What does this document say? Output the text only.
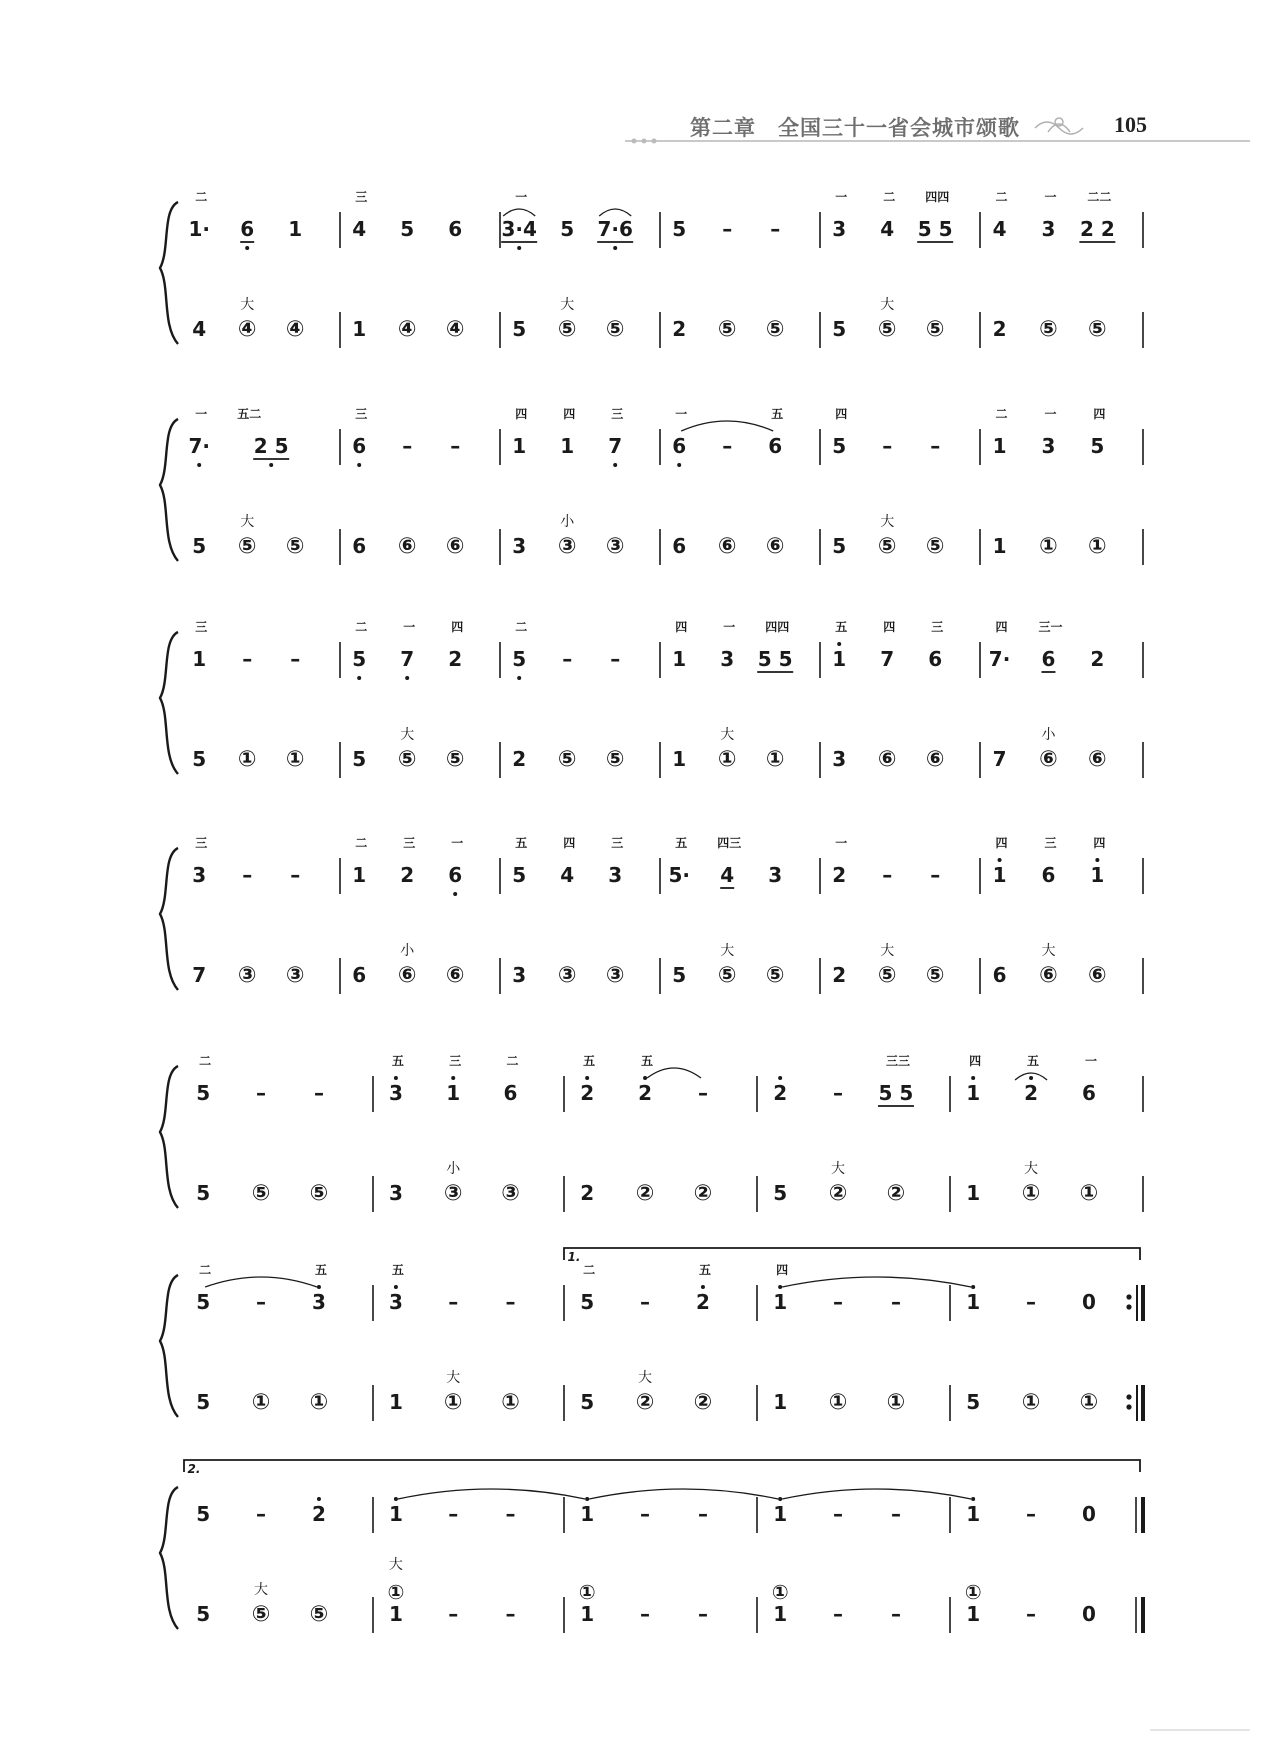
第二章　全国三十一省会城市颂歌	105
二
1· 6 1
4 ④
大
④
三
4 5 6
1 ④ ④
一
3·4 5 7·6
5 ⑤
大
⑤
5 – –
2 ⑤ ⑤
一	二 四四
3 4 5 5
5 ⑤
大
⑤
二	一	二二
4 3 2 2
2 ⑤ ⑤
一 五二
7· 2 5
5 ⑤
大
⑤
三
6 – –
6 ⑥ ⑥
四	四	三
1 1 7
3 ③
小
③
一	五
6 – 6
6 ⑥ ⑥
四
5 – –
5 ⑤
大
⑤
二	一	四
1 3 5
1 ① ①
三
1 – –
5 ① ①
二	一	四
5 7 2
5 ⑤
大
⑤
二
5 – –
2 ⑤ ⑤
四	一 四四
1 3 5 5
1 ①
大
①
五	四	三
1 7 6
3 ⑥ ⑥
四	三一
7· 6 2
7 ⑥
小
⑥
三
3 – –
7 ③ ③
二	三	一
1 2 6
6 ⑥
小
⑥
五	四	三
5 4 3
3 ③ ③
五 四三
5· 4 3
5 ⑤
大
⑤
一
2 – –
2 ⑤
大
⑤
四	三	四
1 6 1
6 ⑥
大
⑥
二
5 – –
5 ⑤ ⑤
五	三	二
3 1 6
3 ③
小
③
五	五
2 2 –
2 ② ②
三三
2 – 5 5
5 ②
大
②
四	五	一
1 2 6
1 ①
大
①
1.
二	五
5 – 3
5 ① ①
五
3 – –
1 ①
大
①
二	五
5 – 2
5 ②
大
②
四
1 – –
1 ① ①
1 – 0
5 ① ①
2.
5 – 2
5 ⑤
大
⑤
1 – –
1
大
①
– –
1 – –
1
①
– –
1 – –
1
①
– –
1 – 0
1
①
– 0
